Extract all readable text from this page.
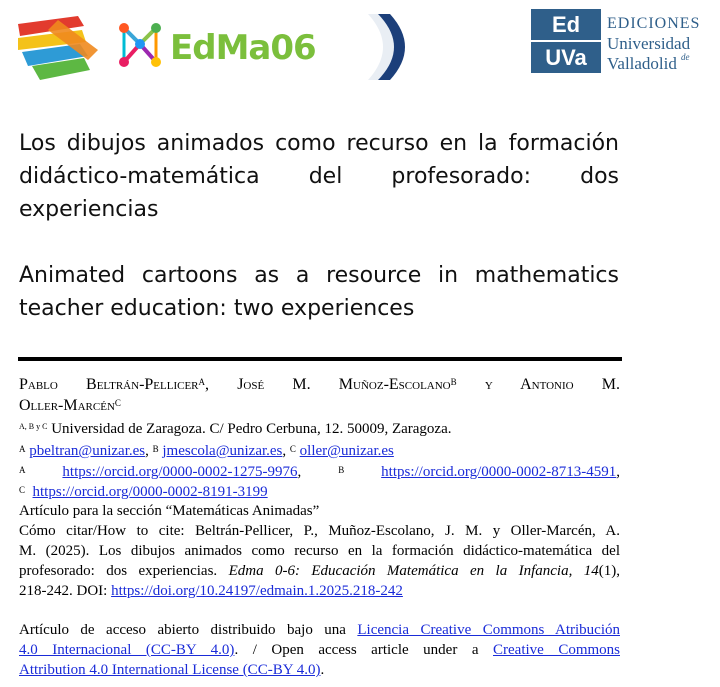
EdMa06
Ed
UVa
EDICIONES
Universidad
Valladolid de
Los dibujos animados como recurso en la formación
didáctico-matemática del profesorado: dos
experiencias
Animated cartoons as a resource in mathematics
teacher education: two experiences
Pablo Beltrán-Pellicer$^A$, José M. Muñoz-Escolano$^B$ y Antonio M.
Oller-Marcén$^C$
$^{A, B y C}$ Universidad de Zaragoza. C/ Pedro Cerbuna, 12. 50009, Zaragoza.
$^A$ pbeltran@unizar.es, $^B$ jmescola@unizar.es, $^C$ oller@unizar.es
$^A$ https://orcid.org/0000-0002-1275-9976, $^B$ https://orcid.org/0000-0002-8713-4591,
$^C$ https://orcid.org/0000-0002-8191-3199
Artículo para la sección “Matemáticas Animadas”
Cómo citar/How to cite: Beltrán-Pellicer, P., Muñoz-Escolano, J. M. y Oller-Marcén, A.
M. (2025). Los dibujos animados como recurso en la formación didáctico-matemática del
profesorado: dos experiencias. Edma 0-6: Educación Matemática en la Infancia, 14(1),
218-242. DOI: https://doi.org/10.24197/edmain.1.2025.218-242
Artículo de acceso abierto distribuido bajo una Licencia Creative Commons Atribución
4.0 Internacional (CC-BY 4.0). / Open access article under a Creative Commons
Attribution 4.0 International License (CC-BY 4.0).
